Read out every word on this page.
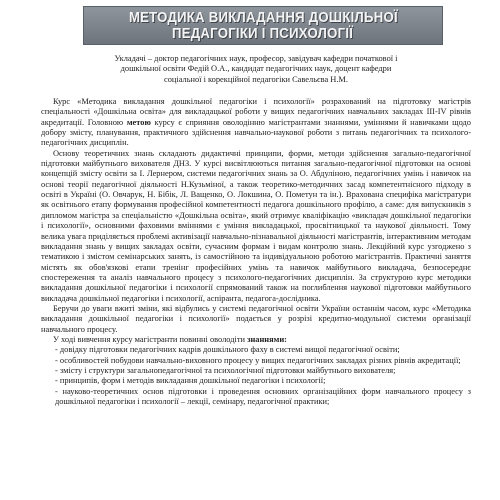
МЕТОДИКА ВИКЛАДАННЯ ДОШКІЛЬНОЇ
ПЕДАГОГІКИ І ПСИХОЛОГІЇ
Укладачі – доктор педагогічних наук, професор, завідувач кафедри початкової і дошкільної освіти Федій О.А., кандидат педагогічних наук, доцент кафедри соціальної і корекційної педагогіки Савельєва Н.М.

Курс «Методика викладання дошкільної педагогіки і психології» розрахований на підготовку магістрів спеціальності «Дошкільна освіта» для викладацької роботи у вищих педагогічних навчальних закладах ІІІ-IV рівнів акредитації. Головною метою курсу є сприяння оволодінню магістрантами знаннями, уміннями й навичками щодо добору змісту, планування, практичного здійснення навчально-наукової роботи з питань педагогічних та психолого-педагогічних дисциплін.

Основу теоретичних знань складають дидактичні принципи, форми, методи здійснення загально-педагогічної підготовки майбутнього вихователя ДНЗ. У курсі висвітлюються питання загально-педагогічної підготовки на основі концепцій змісту освіти за І. Лернером, системи педагогічних знань за О. Абдуліною, педагогічних умінь і навичок на основі теорії педагогічної діяльності Н.Кузьміної, а також теоретико-методичних засад компетентнісного підходу в освіті в Україні (О. Овчарук, Н. Бібік, Л. Ващенко, О. Локшина, О. Пометун та ін.). Врахована специфіка магістратури як освітнього етапу формування професійної компетентності педагога дошкільного профілю, а саме: для випускників з дипломом магістра за спеціальністю «Дошкільна освіта», який отримує кваліфікацію «викладач дошкільної педагогіки і психології», основними фаховими вміннями є уміння викладацької, просвітницької та наукової діяльності. Тому велика увага приділяється проблемі активізації навчально-пізнавальної діяльності магістрантів, інтерактивним методам викладання знань у вищих закладах освіти, сучасним формам і видам контролю знань. Лекційний курс узгоджено з тематикою і змістом семінарських занять, із самостійною та індивідуальною роботою магістрантів. Практичні заняття містять як обов'язкові етапи тренінг професійних умінь та навичок майбутнього викладача, безпосереднє спостереження та аналіз навчального процесу з психолого-педагогічних дисциплін. За структурою курс методики викладання дошкільної педагогіки і психології спрямований також на поглиблення наукової підготовки майбутнього викладача дошкільної педагогіки і психології, аспіранта, педагога-дослідника.

Беручи до уваги вжиті зміни, які відбулись у системі педагогічної освіти України останнім часом, курс «Методика викладання дошкільної педагогіки і психології» подається у розрізі кредитно-модульної системи організації навчального процесу.

У ході вивчення курсу магістранти повинні оволодіти знаннями:

- довідку підготовки педагогічних кадрів дошкільного фаху в системі вищої педагогічної освіти;

- особливостей побудови навчально-виховного процесу у вищих педагогічних закладах різних рівнів акредитації;

- змісту і структури загальнопедагогічної та психологічної підготовки майбутнього вихователя;

- принципів, форм і методів викладання дошкільної педагогіки і психології;

- науково-теоретичних основ підготовки і проведення основних організаційних форм навчального процесу з дошкільної педагогіки і психології – лекції, семінару, педагогічної практики;
